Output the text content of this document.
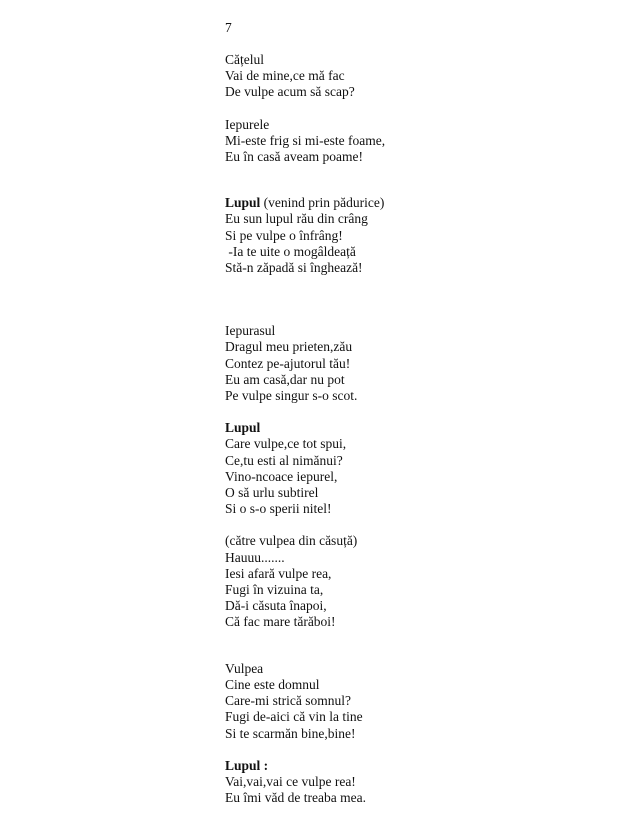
7
Cățelul
Vai de mine,ce mă fac
De vulpe acum să scap?
Iepurele
Mi-este frig si mi-este foame,
Eu în casă aveam poame!
Lupul (venind prin pădurice)
Eu sun lupul rău din crâng
Si pe vulpe o înfrâng!
-Ia te uite o mogâldeață
Stă-n zăpadă si înghează!
Iepurasul
Dragul meu prieten,zău
Contez pe-ajutorul tău!
Eu am casă,dar nu pot
Pe vulpe singur s-o scot.
Lupul
Care vulpe,ce tot spui,
Ce,tu esti al nimănui?
Vino-ncoace iepurel,
O să urlu subtirel
Si o s-o sperii nitel!
(către vulpea din căsuță)
Hauuu.......
Iesi afară vulpe rea,
Fugi în vizuina ta,
Dă-i căsuta înapoi,
Că fac mare tărăboi!
Vulpea
Cine este domnul
Care-mi strică somnul?
Fugi de-aici că vin la tine
Si te scarmăn bine,bine!
Lupul :
Vai,vai,vai ce vulpe rea!
Eu îmi văd de treaba mea.
